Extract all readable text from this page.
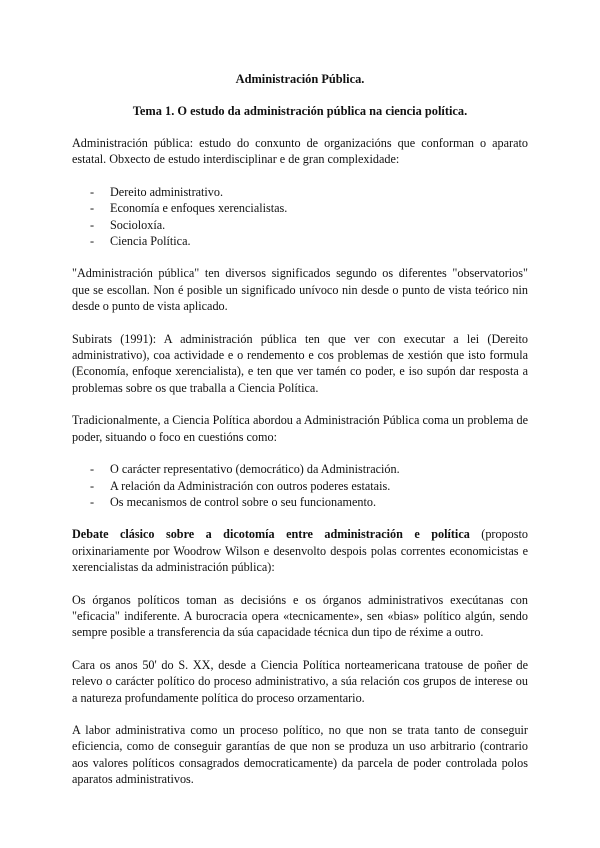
Administración Pública.
Tema 1. O estudo da administración pública na ciencia política.

Administración pública: estudo do conxunto de organizacións que conforman o aparato estatal. Obxecto de estudo interdisciplinar e de gran complexidade:

-	Dereito administrativo.
-	Economía e enfoques xerencialistas.
-	Socioloxía.
-	Ciencia Política.

"Administración pública" ten diversos significados segundo os diferentes "observatorios" que se escollan. Non é posible un significado unívoco nin desde o punto de vista teórico nin desde o punto de vista aplicado.

Subirats (1991): A administración pública ten que ver con executar a lei (Dereito administrativo), coa actividade e o rendemento e cos problemas de xestión que isto formula (Economía, enfoque xerencialista), e ten que ver tamén co poder, e iso supón dar resposta a problemas sobre os que traballa a Ciencia Política.

Tradicionalmente, a Ciencia Política abordou a Administración Pública coma un problema de poder, situando o foco en cuestións como:

-	O carácter representativo (democrático) da Administración.
-	A relación da Administración con outros poderes estatais.
-	Os mecanismos de control sobre o seu funcionamento.

Debate clásico sobre a dicotomía entre administración e política (proposto orixinariamente por Woodrow Wilson e desenvolto despois polas correntes economicistas e xerencialistas da administración pública):

Os órganos políticos toman as decisións e os órganos administrativos execútanas con "eficacia" indiferente. A burocracia opera «tecnicamente», sen «bias» político algún, sendo sempre posible a transferencia da súa capacidade técnica dun tipo de réxime a outro.

Cara os anos 50' do S. XX, desde a Ciencia Política norteamericana tratouse de poñer de relevo o carácter político do proceso administrativo, a súa relación cos grupos de interese ou a natureza profundamente política do proceso orzamentario.

A labor administrativa como un proceso político, no que non se trata tanto de conseguir eficiencia, como de conseguir garantías de que non se produza un uso arbitrario (contrario aos valores políticos consagrados democraticamente) da parcela de poder controlada polos aparatos administrativos.
